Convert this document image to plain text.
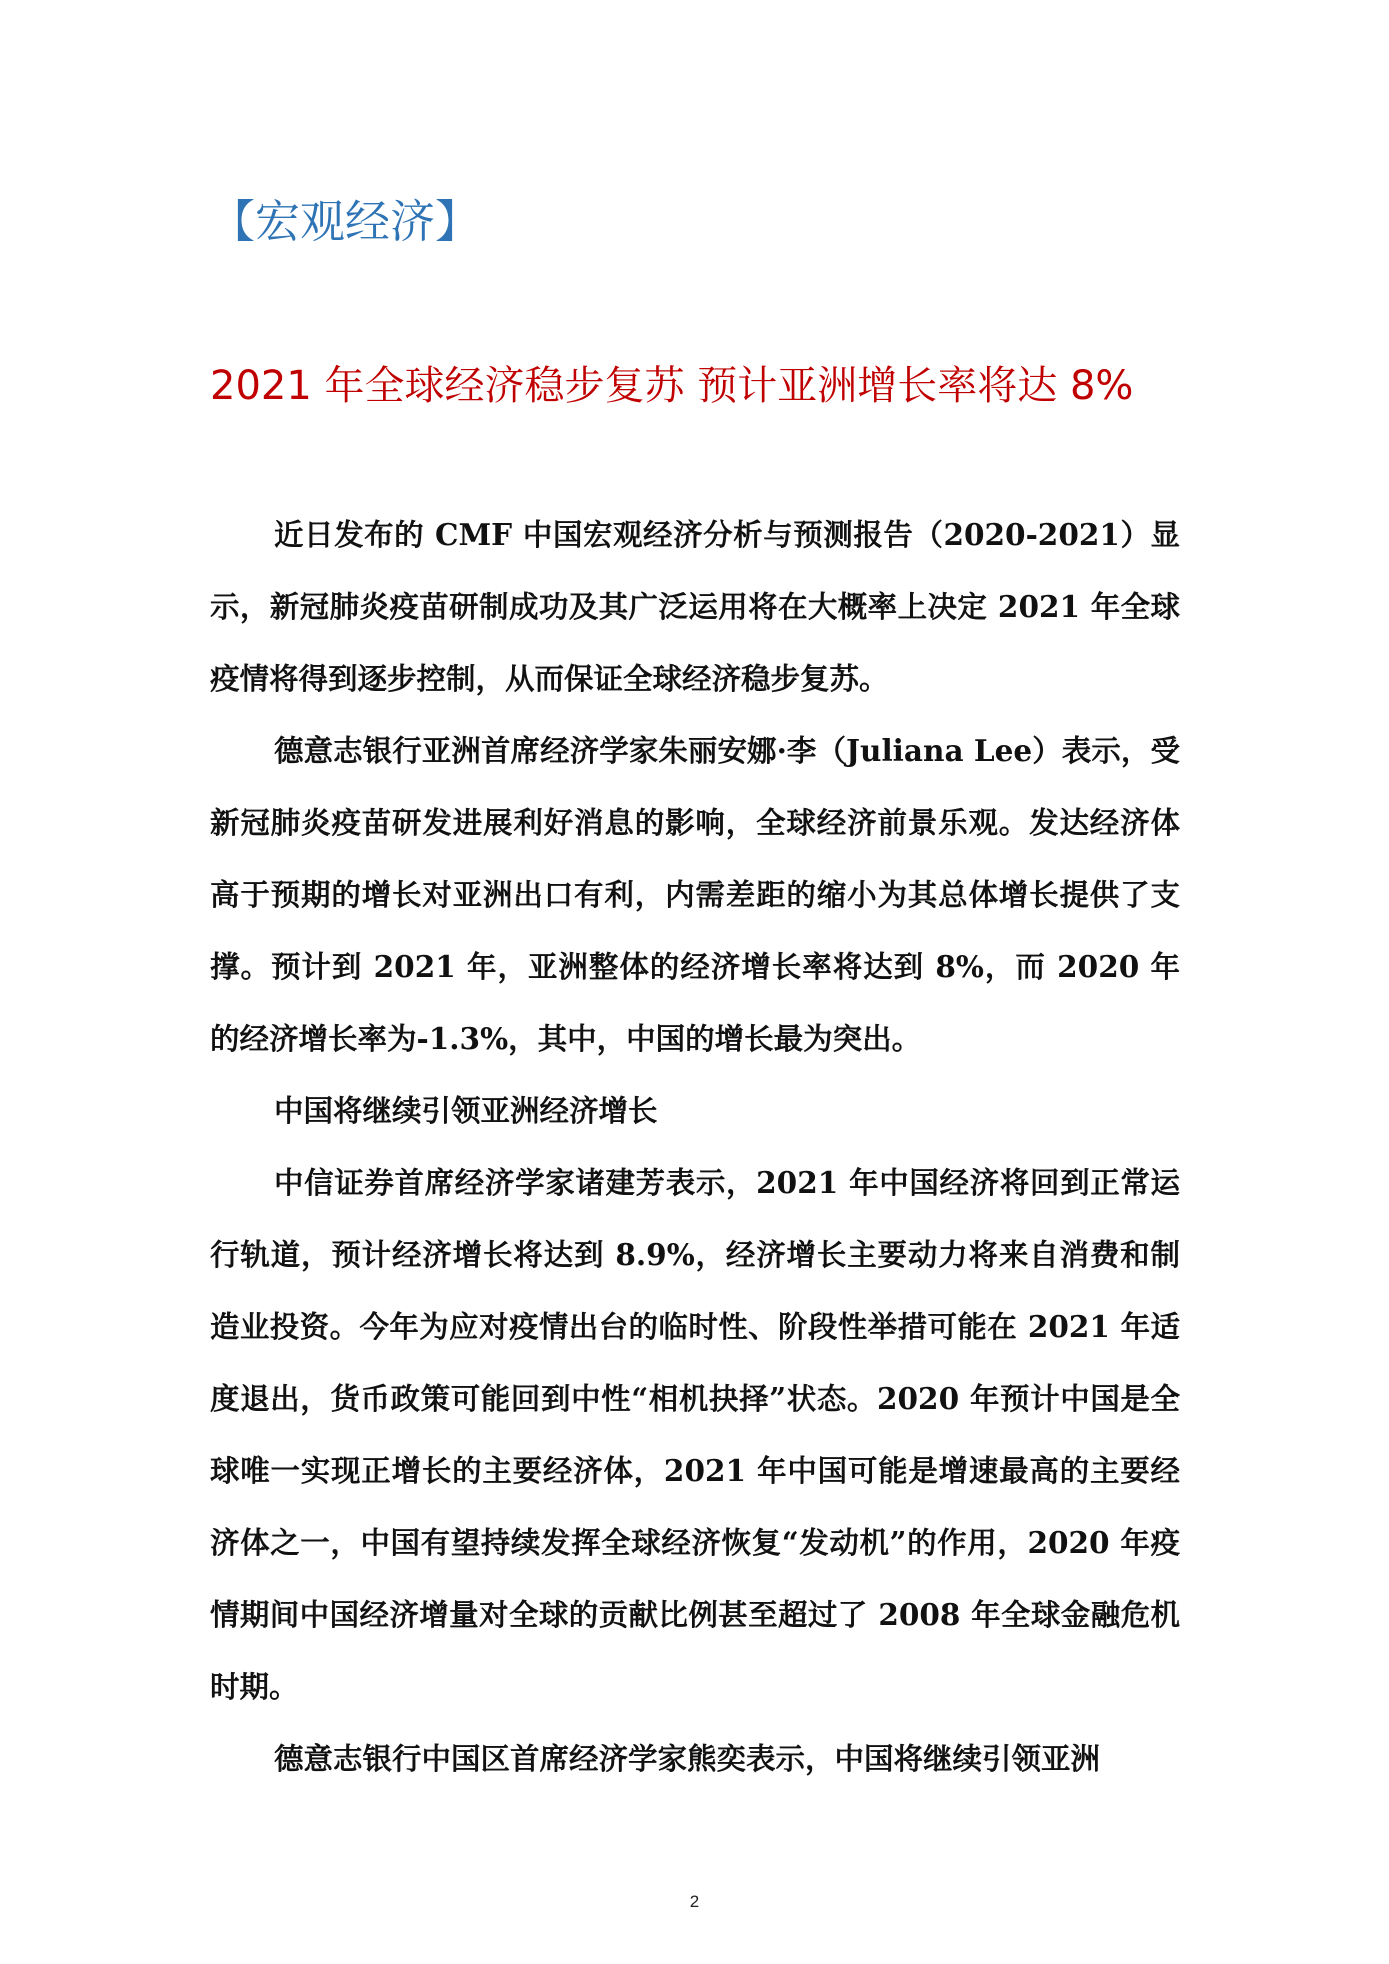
【宏观经济】
2021 年全球经济稳步复苏 预计亚洲增长率将达 8%

近日发布的 CMF 中国宏观经济分析与预测报告（2020-2021）显示，新冠肺炎疫苗研制成功及其广泛运用将在大概率上决定 2021 年全球疫情将得到逐步控制，从而保证全球经济稳步复苏。

德意志银行亚洲首席经济学家朱丽安娜·李（Juliana Lee）表示，受新冠肺炎疫苗研发进展利好消息的影响，全球经济前景乐观。发达经济体高于预期的增长对亚洲出口有利，内需差距的缩小为其总体增长提供了支撑。预计到 2021 年，亚洲整体的经济增长率将达到 8%，而 2020 年的经济增长率为-1.3%，其中，中国的增长最为突出。

中国将继续引领亚洲经济增长

中信证券首席经济学家诸建芳表示，2021 年中国经济将回到正常运行轨道，预计经济增长将达到 8.9%，经济增长主要动力将来自消费和制造业投资。今年为应对疫情出台的临时性、阶段性举措可能在 2021 年适度退出，货币政策可能回到中性“相机抉择”状态。2020 年预计中国是全球唯一实现正增长的主要经济体，2021 年中国可能是增速最高的主要经济体之一，中国有望持续发挥全球经济恢复“发动机”的作用，2020 年疫情期间中国经济增量对全球的贡献比例甚至超过了 2008 年全球金融危机时期。

德意志银行中国区首席经济学家熊奕表示，中国将继续引领亚洲

2
